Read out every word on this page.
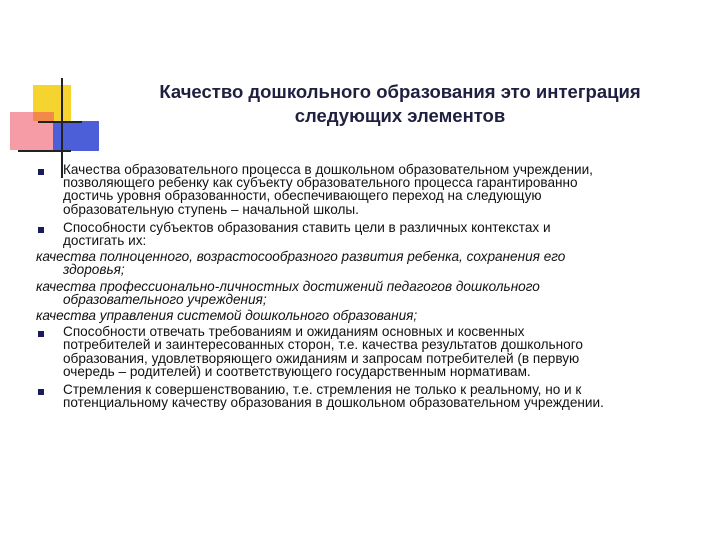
Качество дошкольного образования это интеграция
следующих элементов
Качества образовательного процесса в дошкольном образовательном учреждении,
позволяющего ребенку как субъекту образовательного процесса гарантированно
достичь уровня образованности, обеспечивающего переход на следующую
образовательную ступень – начальной школы.
Способности субъектов образования ставить цели в различных контекстах и
достигать их:
качества полноценного, возрастосообразного развития ребенка, сохранения его
здоровья;
качества профессионально-личностных достижений педагогов дошкольного
образовательного учреждения;
качества управления системой дошкольного образования;
Способности отвечать требованиям и ожиданиям основных и косвенных
потребителей и заинтересованных сторон, т.е. качества результатов дошкольного
образования, удовлетворяющего ожиданиям и запросам потребителей (в первую
очередь – родителей) и соответствующего государственным нормативам.
Стремления к совершенствованию, т.е. стремления не только к реальному, но и к
потенциальному качеству образования в дошкольном образовательном учреждении.
